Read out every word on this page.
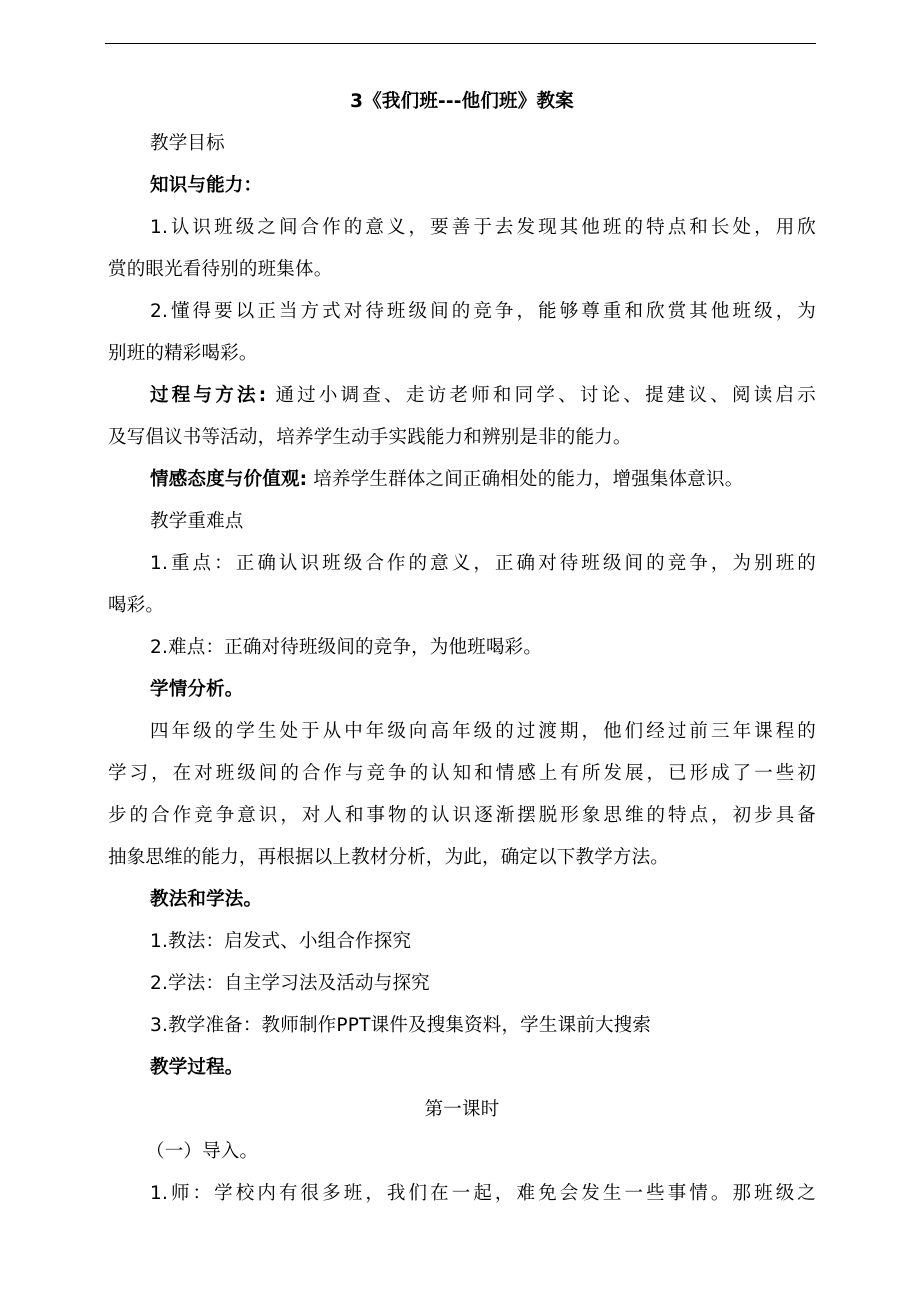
3《我们班---他们班》教案
教学目标
知识与能力：
1.认识班级之间合作的意义，要善于去发现其他班的特点和长处，用欣
赏的眼光看待别的班集体。
2.懂得要以正当方式对待班级间的竞争，能够尊重和欣赏其他班级，为
别班的精彩喝彩。
过程与方法: 通过小调查、走访老师和同学、讨论、提建议、阅读启示
及写倡议书等活动，培养学生动手实践能力和辨别是非的能力。
情感态度与价值观: 培养学生群体之间正确相处的能力，增强集体意识。
教学重难点
1.重点：正确认识班级合作的意义，正确对待班级间的竞争，为别班的
喝彩。
2.难点：正确对待班级间的竞争，为他班喝彩。
学情分析。
四年级的学生处于从中年级向高年级的过渡期，他们经过前三年课程的
学习，在对班级间的合作与竞争的认知和情感上有所发展，已形成了一些初
步的合作竞争意识，对人和事物的认识逐渐摆脱形象思维的特点，初步具备
抽象思维的能力，再根据以上教材分析，为此，确定以下教学方法。
教法和学法。
1.教法：启发式、小组合作探究
2.学法：自主学习法及活动与探究
3.教学准备：教师制作PPT课件及搜集资料，学生课前大搜索
教学过程。
第一课时
（一）导入。
1.师：学校内有很多班，我们在一起，难免会发生一些事情。那班级之
